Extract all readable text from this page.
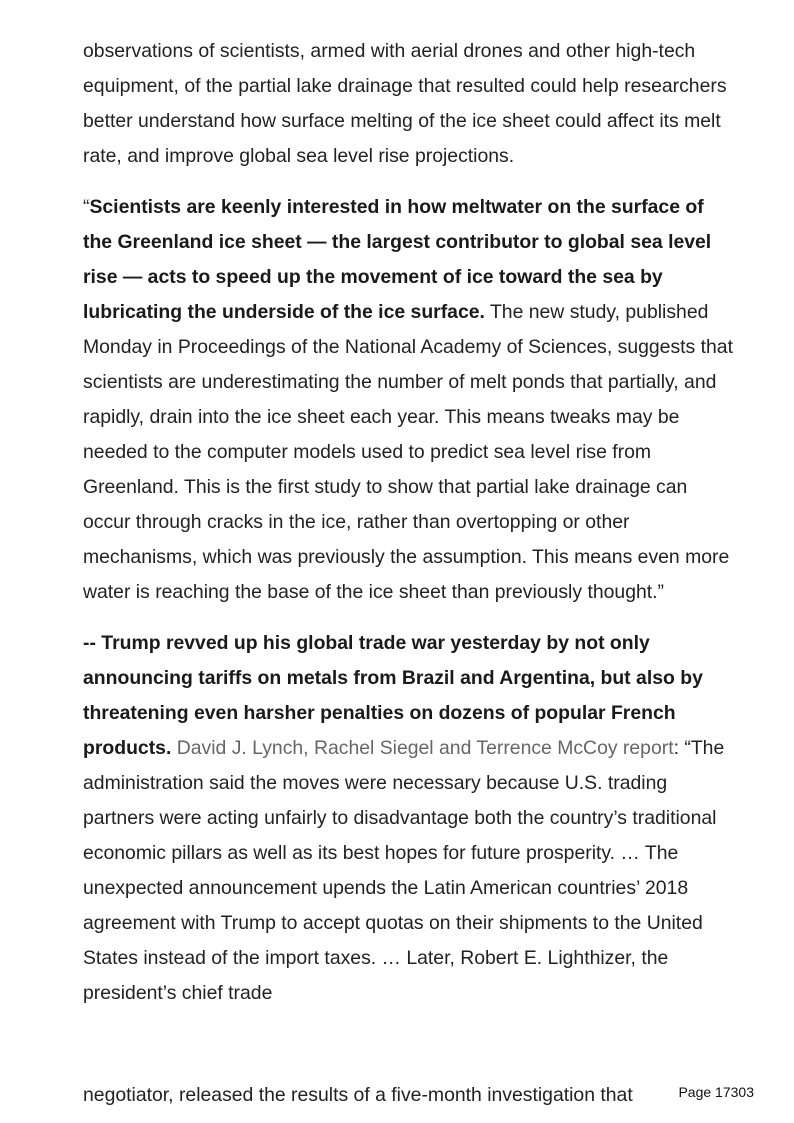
observations of scientists, armed with aerial drones and other high-tech equipment, of the partial lake drainage that resulted could help researchers better understand how surface melting of the ice sheet could affect its melt rate, and improve global sea level rise projections.

“Scientists are keenly interested in how meltwater on the surface of the Greenland ice sheet — the largest contributor to global sea level rise — acts to speed up the movement of ice toward the sea by lubricating the underside of the ice surface. The new study, published Monday in Proceedings of the National Academy of Sciences, suggests that scientists are underestimating the number of melt ponds that partially, and rapidly, drain into the ice sheet each year. This means tweaks may be needed to the computer models used to predict sea level rise from Greenland. This is the first study to show that partial lake drainage can occur through cracks in the ice, rather than overtopping or other mechanisms, which was previously the assumption. This means even more water is reaching the base of the ice sheet than previously thought.”

-- Trump revved up his global trade war yesterday by not only announcing tariffs on metals from Brazil and Argentina, but also by threatening even harsher penalties on dozens of popular French products. David J. Lynch, Rachel Siegel and Terrence McCoy report: “The administration said the moves were necessary because U.S. trading partners were acting unfairly to disadvantage both the country’s traditional economic pillars as well as its best hopes for future prosperity. … The unexpected announcement upends the Latin American countries’ 2018 agreement with Trump to accept quotas on their shipments to the United States instead of the import taxes. … Later, Robert E. Lighthizer, the president’s chief trade

negotiator, released the results of a five-month investigation that	Page 17303
